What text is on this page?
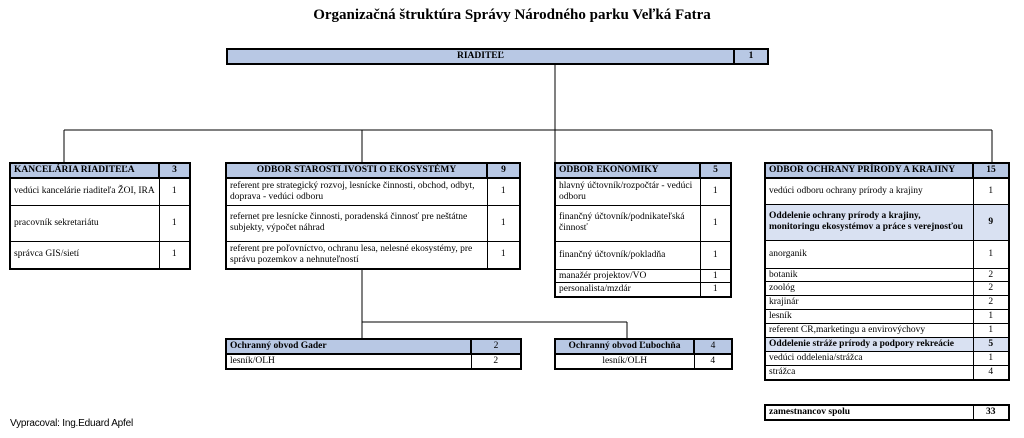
Organizačná štruktúra Správy Národného parku Veľká Fatra
RIADITEĽ	1
KANCELÁRIA RIADITEĽA	3
vedúci kancelárie riaditeľa ŽOI, IRA	1
pracovník sekretariátu	1
správca GIS/sietí	1
ODBOR STAROSTLIVOSTI O EKOSYSTÉMY	9
referent pre strategický rozvoj, lesnícke činnosti, obchod, odbyt, doprava - vedúci odboru	1
refernet pre lesnícke činnosti, poradenská činnosť pre neštátne subjekty, výpočet náhrad	1
referent pre poľovníctvo, ochranu lesa, nelesné ekosystémy, pre správu pozemkov a nehnuteľností	1
ODBOR EKONOMIKY	5
hlavný účtovník/rozpočtár - vedúci odboru	1
finančný účtovník/podnikateľská činnosť	1
finančný účtovník/pokladňa	1
manažér projektov/VO	1
personalista/mzdár	1
ODBOR OCHRANY PRÍRODY A KRAJINY	15
vedúci odboru ochrany prírody a krajiny	1
Oddelenie ochrany prírody a krajiny, monitoringu ekosystémov a práce s verejnosťou	9
anorganik	1
botanik	2
zoológ	2
krajinár	2
lesník	1
referent CR,marketingu a envirovýchovy	1
Oddelenie stráže prírody a podpory rekreácie	5
vedúci oddelenia/strážca	1
strážca	4
Ochranný obvod Gader	2
lesník/OLH	2
Ochranný obvod Ľubochňa	4
lesník/OLH	4
zamestnancov spolu	33
Vypracoval: Ing.Eduard Apfel
